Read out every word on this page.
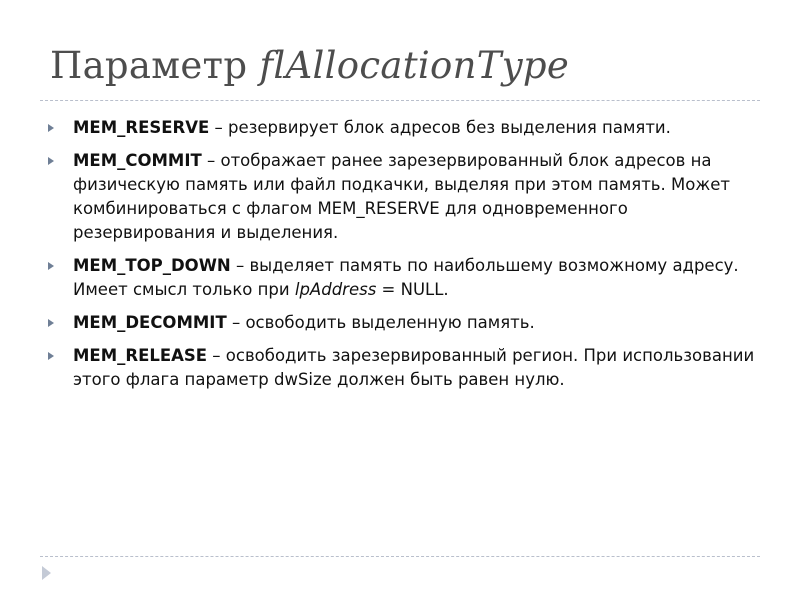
Параметр flAllocationType
MEM_RESERVE – резервирует блок адресов без выделения памяти.
MEM_COMMIT – отображает ранее зарезервированный блок адресов на физическую память или файл подкачки, выделяя при этом память. Может комбинироваться с флагом MEM_RESERVE для одновременного резервирования и выделения.
MEM_TOP_DOWN – выделяет память по наибольшему возможному адресу. Имеет смысл только при lpAddress = NULL.
MEM_DECOMMIT – освободить выделенную память.
MEM_RELEASE – освободить зарезервированный регион. При использовании этого флага параметр dwSize должен быть равен нулю.
